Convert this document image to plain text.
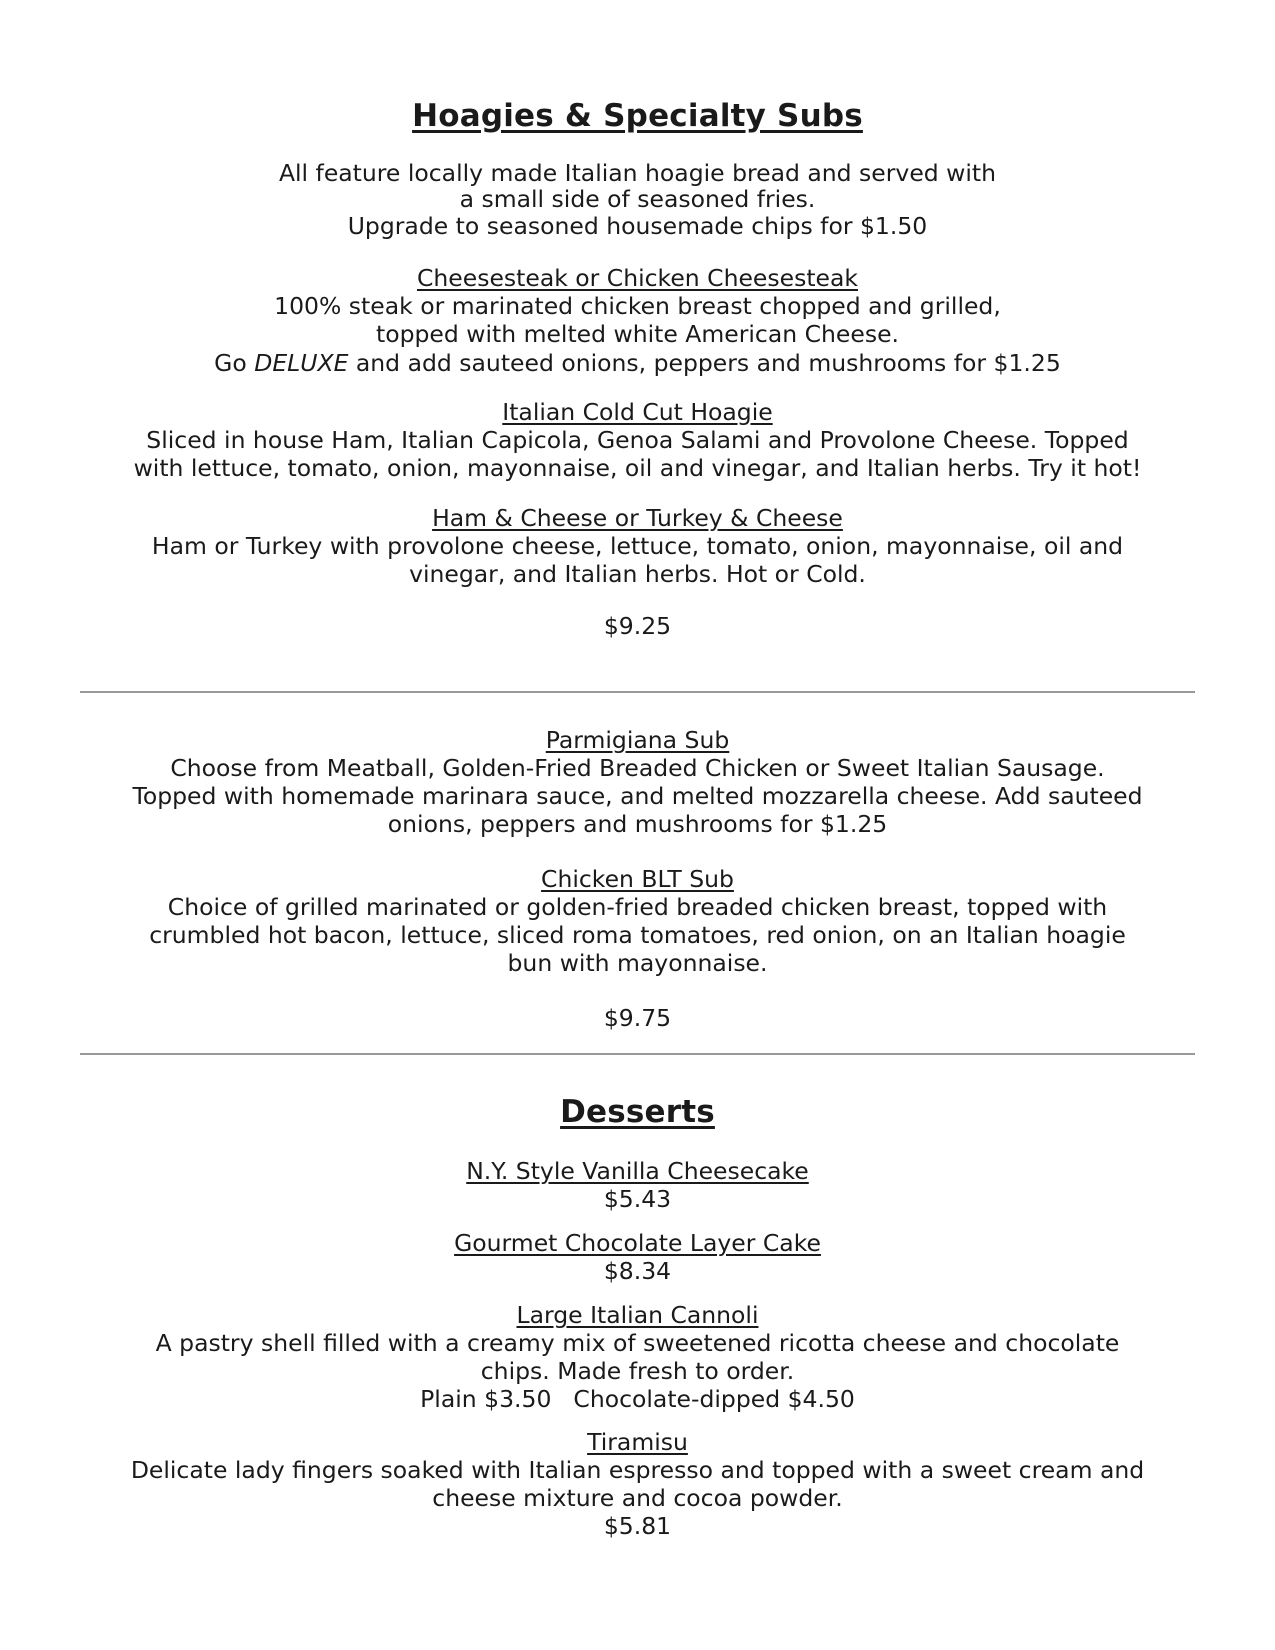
Hoagies & Specialty Subs
All feature locally made Italian hoagie bread and served with
a small side of seasoned fries.
Upgrade to seasoned housemade chips for $1.50
Cheesesteak or Chicken Cheesesteak
100% steak or marinated chicken breast chopped and grilled,
topped with melted white American Cheese.
Go DELUXE and add sauteed onions, peppers and mushrooms for $1.25
Italian Cold Cut Hoagie
Sliced in house Ham, Italian Capicola, Genoa Salami and Provolone Cheese. Topped
with lettuce, tomato, onion, mayonnaise, oil and vinegar, and Italian herbs. Try it hot!
Ham & Cheese or Turkey & Cheese
Ham or Turkey with provolone cheese, lettuce, tomato, onion, mayonnaise, oil and
vinegar, and Italian herbs. Hot or Cold.
$9.25
Parmigiana Sub
Choose from Meatball, Golden-Fried Breaded Chicken or Sweet Italian Sausage.
Topped with homemade marinara sauce, and melted mozzarella cheese. Add sauteed
onions, peppers and mushrooms for $1.25
Chicken BLT Sub
Choice of grilled marinated or golden-fried breaded chicken breast, topped with
crumbled hot bacon, lettuce, sliced roma tomatoes, red onion, on an Italian hoagie
bun with mayonnaise.
$9.75
Desserts
N.Y. Style Vanilla Cheesecake
$5.43
Gourmet Chocolate Layer Cake
$8.34
Large Italian Cannoli
A pastry shell filled with a creamy mix of sweetened ricotta cheese and chocolate
chips. Made fresh to order.
Plain $3.50 Chocolate-dipped $4.50
Tiramisu
Delicate lady fingers soaked with Italian espresso and topped with a sweet cream and
cheese mixture and cocoa powder.
$5.81
